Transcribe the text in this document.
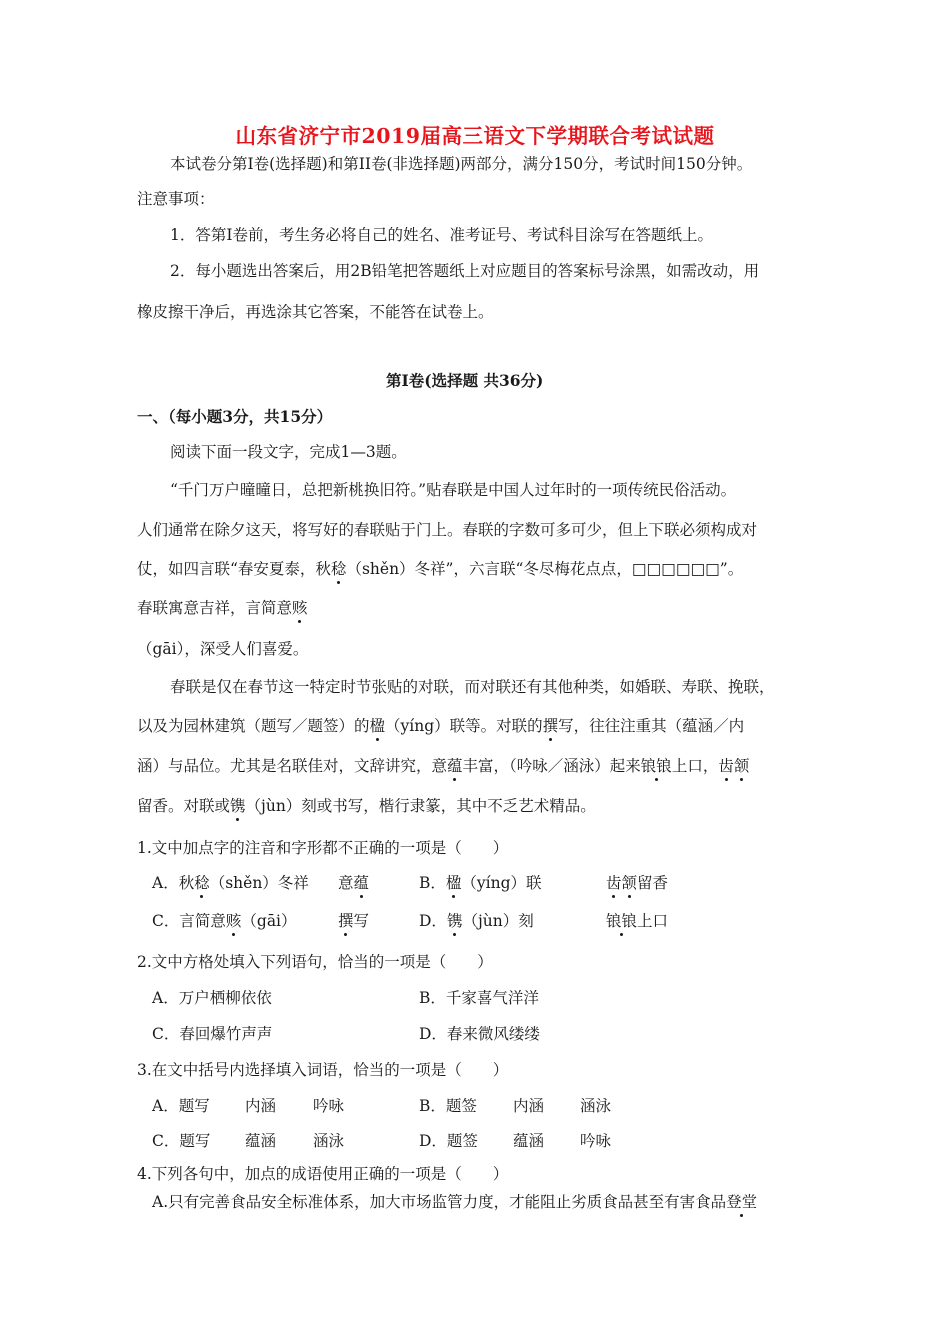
山东省济宁市2019届高三语文下学期联合考试试题
本试卷分第Ⅰ卷(选择题)和第II卷(非选择题)两部分，满分150分，考试时间150分钟。
注意事项：
1．答第Ⅰ卷前，考生务必将自己的姓名、准考证号、考试科目涂写在答题纸上。
2．每小题选出答案后，用2B铅笔把答题纸上对应题目的答案标号涂黑，如需改动，用
橡皮擦干净后，再选涂其它答案，不能答在试卷上。
第Ⅰ卷(选择题 共36分)
一、（每小题3分，共15分）
阅读下面一段文字，完成1—3题。
“千门万户曈曈日，总把新桃换旧符。”贴春联是中国人过年时的一项传统民俗活动。
人们通常在除夕这天，将写好的春联贴于门上。春联的字数可多可少，但上下联必须构成对
仗，如四言联“春安夏泰，秋稔（shěn）冬祥”，六言联“冬尽梅花点点，□□□□□□”。
春联寓意吉祥，言简意赅
（gāi），深受人们喜爱。
春联是仅在春节这一特定时节张贴的对联，而对联还有其他种类，如婚联、寿联、挽联，
以及为园林建筑（题写／题签）的楹（yíng）联等。对联的撰写，往往注重其（蕴涵／内
涵）与品位。尤其是名联佳对，文辞讲究，意蕴丰富，（吟咏／涵泳）起来锒锒上口，齿颔
留香。对联或镌（jùn）刻或书写，楷行隶篆，其中不乏艺术精品。
1.文中加点字的注音和字形都不正确的一项是（　　）
A．秋稔（shěn）冬祥 意蕴	B．楹（yíng）联	齿颔留香
C．言简意赅（gāi）	撰写	D．镌（jùn）刻	锒锒上口
2.文中方格处填入下列语句，恰当的一项是（　　）
A．万户栖柳依依	B．千家喜气洋洋
C．春回爆竹声声	D．春来微风缕缕
3.在文中括号内选择填入词语，恰当的一项是（　　）
A．题写 内涵 吟咏	B．题签 内涵 涵泳
C．题写 蕴涵 涵泳	D．题签 蕴涵 吟咏
4.下列各句中，加点的成语使用正确的一项是（　　）
A.只有完善食品安全标准体系，加大市场监管力度，才能阻止劣质食品甚至有害食品登堂
